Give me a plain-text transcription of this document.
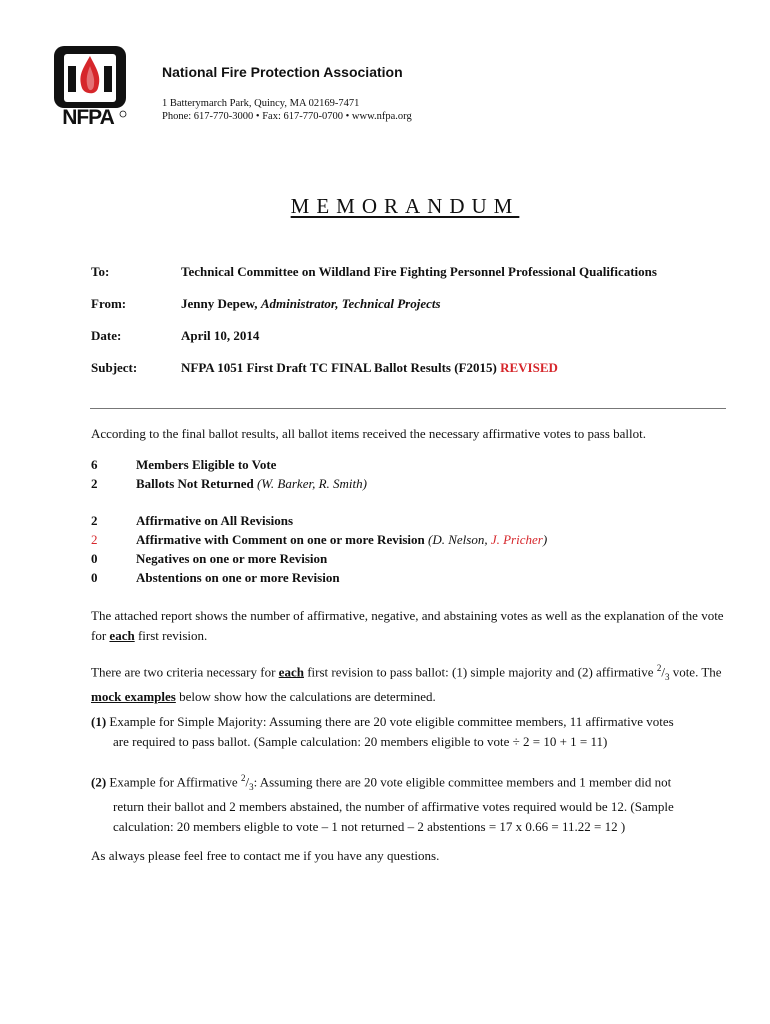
NFPA
National Fire Protection Association
1 Batterymarch Park, Quincy, MA 02169-7471
Phone: 617-770-3000 • Fax: 617-770-0700 • www.nfpa.org
MEMORANDUM
To:	Technical Committee on Wildland Fire Fighting Personnel Professional Qualifications
From:	Jenny Depew, Administrator, Technical Projects
Date:	April 10, 2014
Subject:	NFPA 1051 First Draft TC FINAL Ballot Results (F2015) REVISED
According to the final ballot results, all ballot items received the necessary affirmative votes to pass ballot.
6	Members Eligible to Vote
2	Ballots Not Returned (W. Barker, R. Smith)
2	Affirmative on All Revisions
2	Affirmative with Comment on one or more Revision (D. Nelson, J. Pricher)
0	Negatives on one or more Revision
0	Abstentions on one or more Revision
The attached report shows the number of affirmative, negative, and abstaining votes as well as the explanation of the vote for each first revision.
There are two criteria necessary for each first revision to pass ballot: (1) simple majority and (2) affirmative $^2/_3$ vote. The mock examples below show how the calculations are determined.
(1) Example for Simple Majority: Assuming there are 20 vote eligible committee members, 11 affirmative votes
are required to pass ballot. (Sample calculation: 20 members eligible to vote ÷ 2 = 10 + 1 = 11)
(2) Example for Affirmative $^2/_3$: Assuming there are 20 vote eligible committee members and 1 member did not
return their ballot and 2 members abstained, the number of affirmative votes required would be 12. (Sample
calculation: 20 members eligble to vote – 1 not returned – 2 abstentions = 17 x 0.66 = 11.22 = 12 )
As always please feel free to contact me if you have any questions.
